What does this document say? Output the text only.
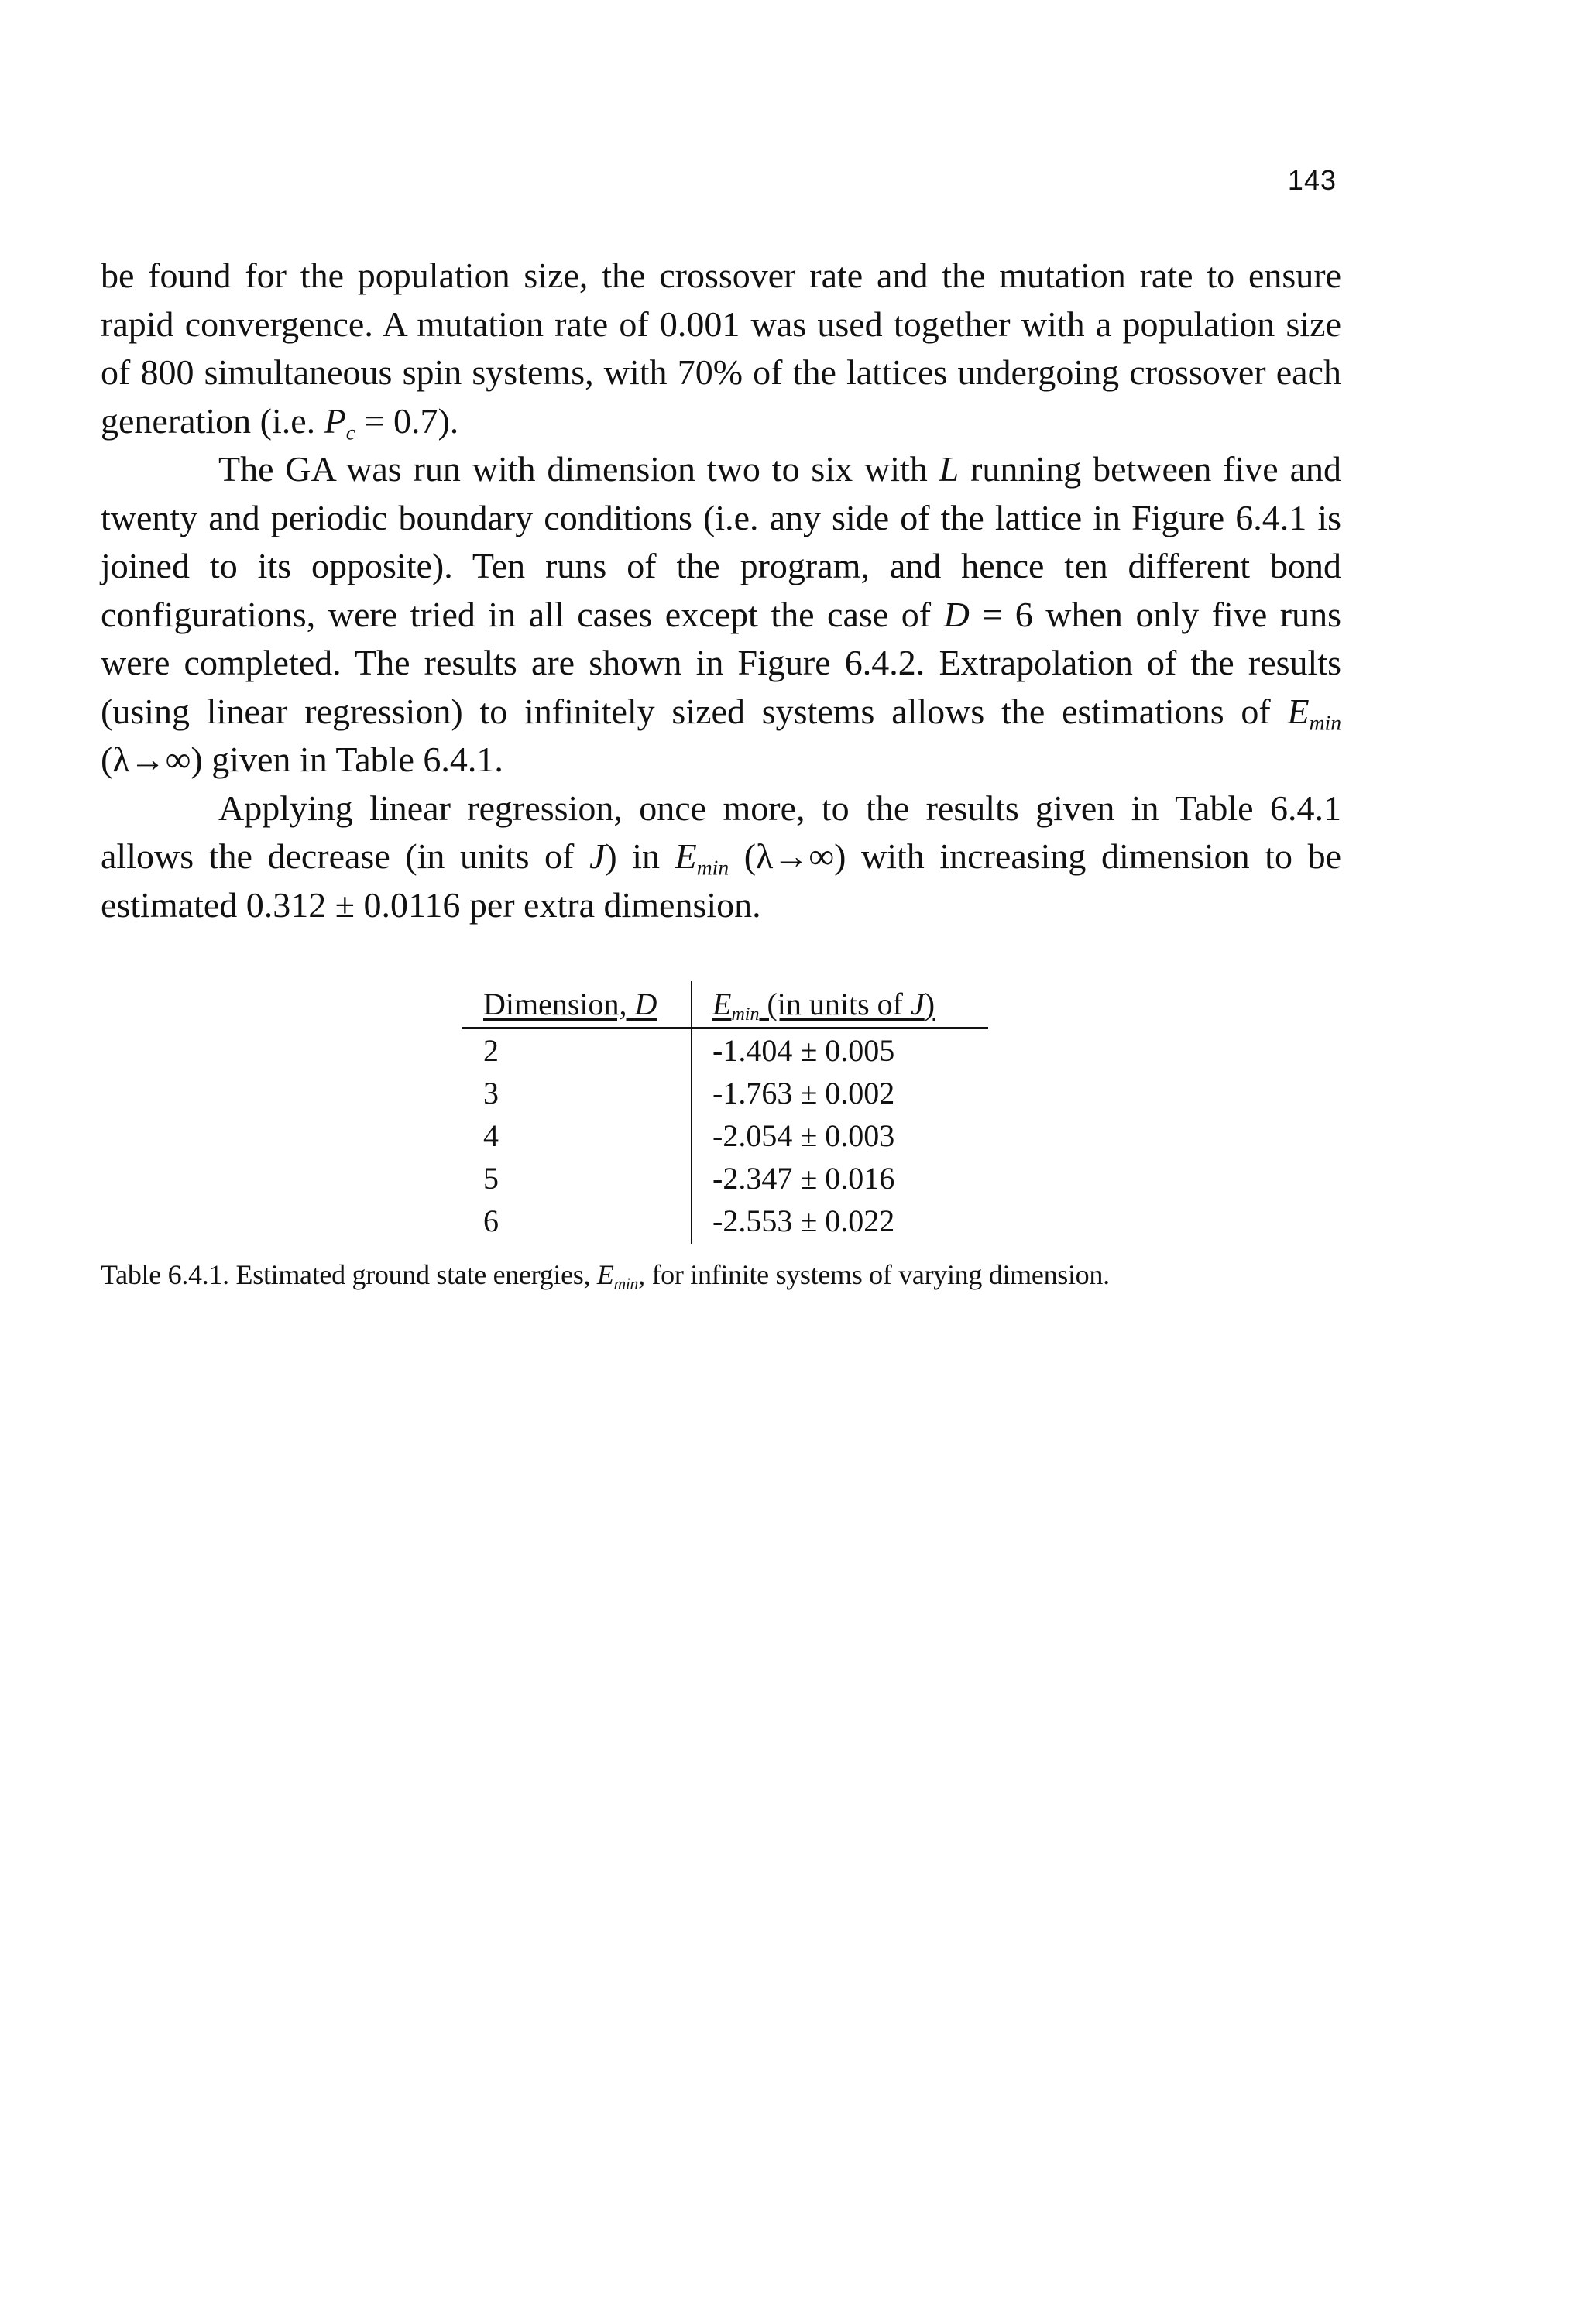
143

be found for the population size, the crossover rate and the mutation rate to ensure rapid convergence. A mutation rate of 0.001 was used together with a population size of 800 simultaneous spin systems, with 70% of the lattices undergoing crossover each generation (i.e. $P_c = 0.7$).

The GA was run with dimension two to six with L running between five and twenty and periodic boundary conditions (i.e. any side of the lattice in Figure 6.4.1 is joined to its opposite). Ten runs of the program, and hence ten different bond configurations, were tried in all cases except the case of D = 6 when only five runs were completed. The results are shown in Figure 6.4.2. Extrapolation of the results (using linear regression) to infinitely sized systems allows the estimations of $E_{min}$ (λ→∞) given in Table 6.4.1.

Applying linear regression, once more, to the results given in Table 6.4.1 allows the decrease (in units of J) in $E_{min}$ (λ→∞) with increasing dimension to be estimated 0.312 ± 0.0116 per extra dimension.

Dimension, D	$E_{min}$ (in units of J)
2	-1.404 ± 0.005
3	-1.763 ± 0.002
4	-2.054 ± 0.003
5	-2.347 ± 0.016
6	-2.553 ± 0.022
Table 6.4.1. Estimated ground state energies, $E_{min}$, for infinite systems of varying dimension.
